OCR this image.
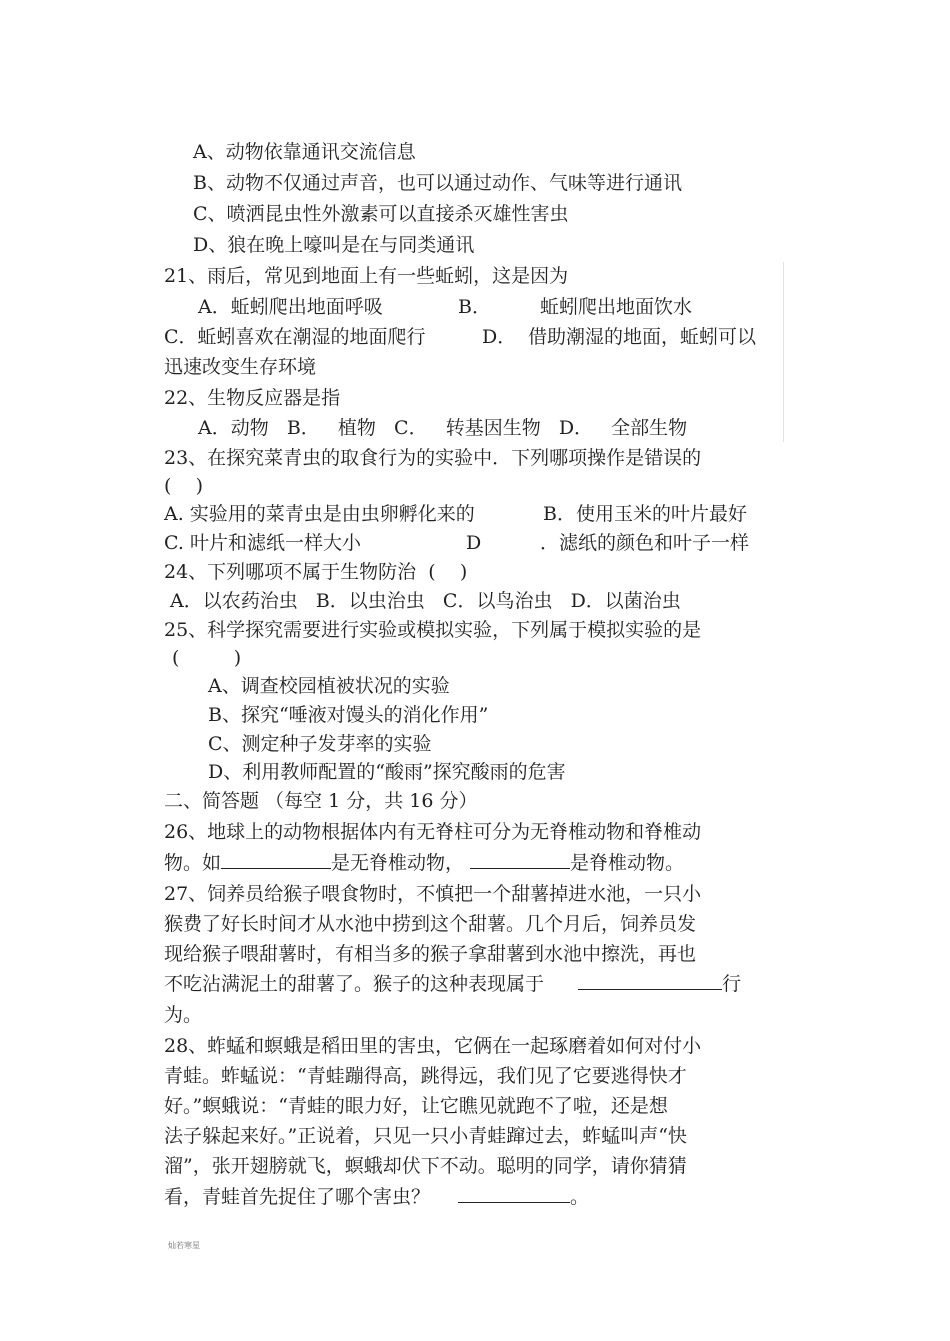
A、动物依靠通讯交流信息
B、动物不仅通过声音，也可以通过动作、气味等进行通讯
C、喷洒昆虫性外激素可以直接杀灭雄性害虫
D、狼在晚上嚎叫是在与同类通讯
21、雨后，常见到地面上有一些蚯蚓，这是因为
A．蚯蚓爬出地面呼吸	B．	蚯蚓爬出地面饮水
C．蚯蚓喜欢在潮湿的地面爬行	D． 借助潮湿的地面，蚯蚓可以
迅速改变生存环境
22、生物反应器是指
A．动物   B．   植物   C．   转基因生物   D．   全部生物
23、在探究菜青虫的取食行为的实验中．下列哪项操作是错误的
(    )
A. 实验用的菜青虫是由虫卵孵化来的	B．使用玉米的叶片最好
C. 叶片和滤纸一样大小	D	．滤纸的颜色和叶子一样
24、下列哪项不属于生物防治  (    )
A．以农药治虫   B．以虫治虫   C．以鸟治虫   D．以菌治虫
25、科学探究需要进行实验或模拟实验，下列属于模拟实验的是
(         )
A、调查校园植被状况的实验
B、探究“唾液对馒头的消化作用”
C、测定种子发芽率的实验
D、利用教师配置的“酸雨”探究酸雨的危害
二、简答题 （每空 1 分，共 16 分）
26、地球上的动物根据体内有无脊柱可分为无脊椎动物和脊椎动
物。如	是无脊椎动物，	是脊椎动物。
27、饲养员给猴子喂食物时，不慎把一个甜薯掉进水池，一只小
猴费了好长时间才从水池中捞到这个甜薯。几个月后，饲养员发
现给猴子喂甜薯时，有相当多的猴子拿甜薯到水池中擦洗，再也
不吃沾满泥土的甜薯了。猴子的这种表现属于	行
为。
28、蚱蜢和螟蛾是稻田里的害虫，它俩在一起琢磨着如何对付小
青蛙。蚱蜢说：“青蛙蹦得高，跳得远，我们见了它要逃得快才
好。”螟蛾说：“青蛙的眼力好，让它瞧见就跑不了啦，还是想
法子躲起来好。”正说着，只见一只小青蛙蹿过去，蚱蜢叫声“快
溜”，张开翅膀就飞，螟蛾却伏下不动。聪明的同学，请你猜猜
看，青蛙首先捉住了哪个害虫？	。
灿若寒星
